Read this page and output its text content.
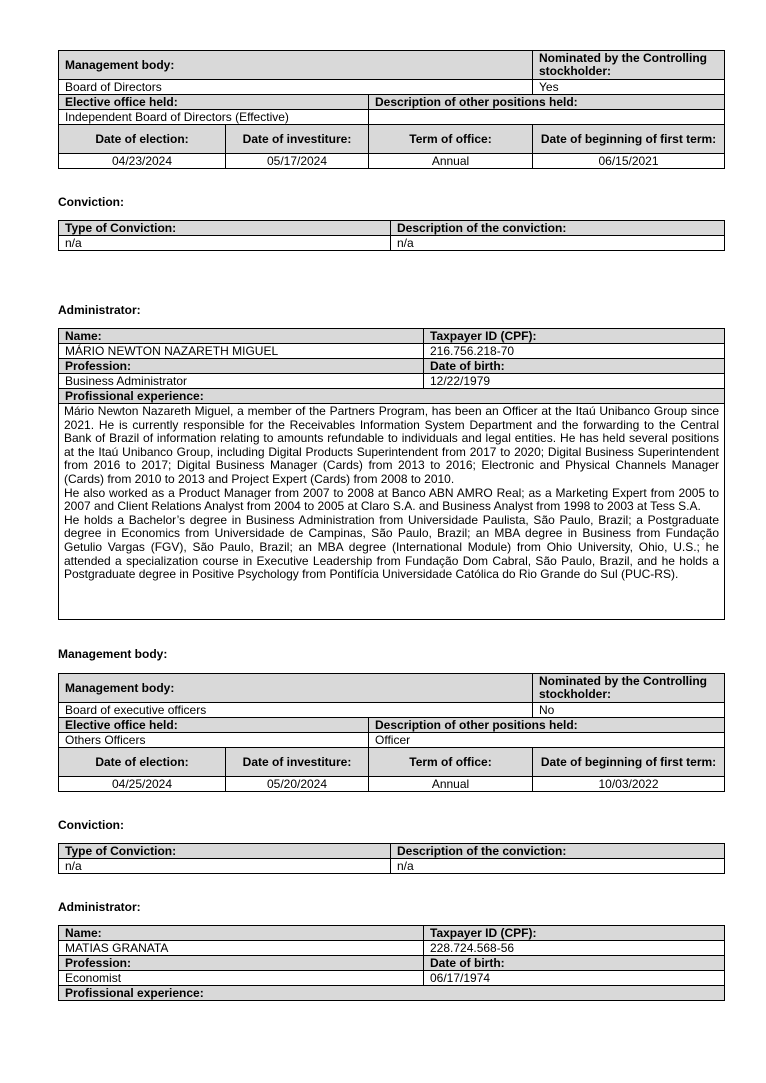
Management body:			Nominated by the Controlling stockholder:
Board of Directors			Yes
Elective office held:		Description of other positions held:	
Independent Board of Directors (Effective)			
Date of election:	Date of investiture:	Term of office:	Date of beginning of first term:
04/23/2024	05/17/2024	Annual	06/15/2021
Conviction:
Type of Conviction:	Description of the conviction:
n/a	n/a
Administrator:
Name:	Taxpayer ID (CPF):
MÁRIO NEWTON NAZARETH MIGUEL	216.756.218-70
Profession:	Date of birth:
Business Administrator	12/22/1979
Profissional experience:	

Mário Newton Nazareth Miguel, a member of the Partners Program, has been an Officer at the Itaú Unibanco Group since 2021. He is currently responsible for the Receivables Information System Department and the forwarding to the Central Bank of Brazil of information relating to amounts refundable to individuals and legal entities. He has held several positions at the Itaú Unibanco Group, including Digital Products Superintendent from 2017 to 2020; Digital Business Superintendent from 2016 to 2017; Digital Business Manager (Cards) from 2013 to 2016; Electronic and Physical Channels Manager (Cards) from 2010 to 2013 and Project Expert (Cards) from 2008 to 2010.

He also worked as a Product Manager from 2007 to 2008 at Banco ABN AMRO Real; as a Marketing Expert from 2005 to 2007 and Client Relations Analyst from 2004 to 2005 at Claro S.A. and Business Analyst from 1998 to 2003 at Tess S.A.

He holds a Bachelor’s degree in Business Administration from Universidade Paulista, São Paulo, Brazil; a Postgraduate degree in Economics from Universidade de Campinas, São Paulo, Brazil; an MBA degree in Business from Fundação Getulio Vargas (FGV), São Paulo, Brazil; an MBA degree (International Module) from Ohio University, Ohio, U.S.; he attended a specialization course in Executive Leadership from Fundação Dom Cabral, São Paulo, Brazil, and he holds a Postgraduate degree in Positive Psychology from Pontifícia Universidade Católica do Rio Grande do Sul (PUC-RS).	

Management body:
Management body:			Nominated by the Controlling stockholder:
Board of executive officers			No
Elective office held:		Description of other positions held:	
Others Officers		Officer	
Date of election:	Date of investiture:	Term of office:	Date of beginning of first term:
04/25/2024	05/20/2024	Annual	10/03/2022
Conviction:
Type of Conviction:	Description of the conviction:
n/a	n/a
Administrator:
Name:	Taxpayer ID (CPF):
MATIAS GRANATA	228.724.568-56
Profession:	Date of birth:
Economist	06/17/1974
Profissional experience:	
